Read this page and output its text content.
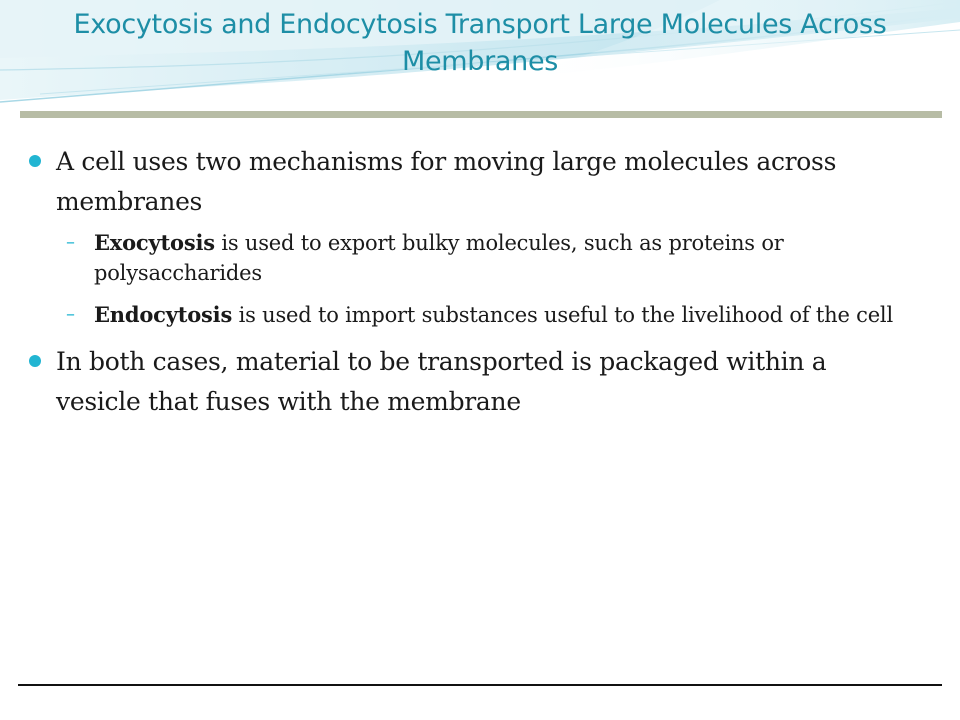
Exocytosis and Endocytosis Transport Large Molecules Across Membranes
A cell uses two mechanisms for moving large molecules across membranes
– Exocytosis is used to export bulky molecules, such as proteins or polysaccharides
– Endocytosis is used to import substances useful to the livelihood of the cell
In both cases, material to be transported is packaged within a vesicle that fuses with the membrane
